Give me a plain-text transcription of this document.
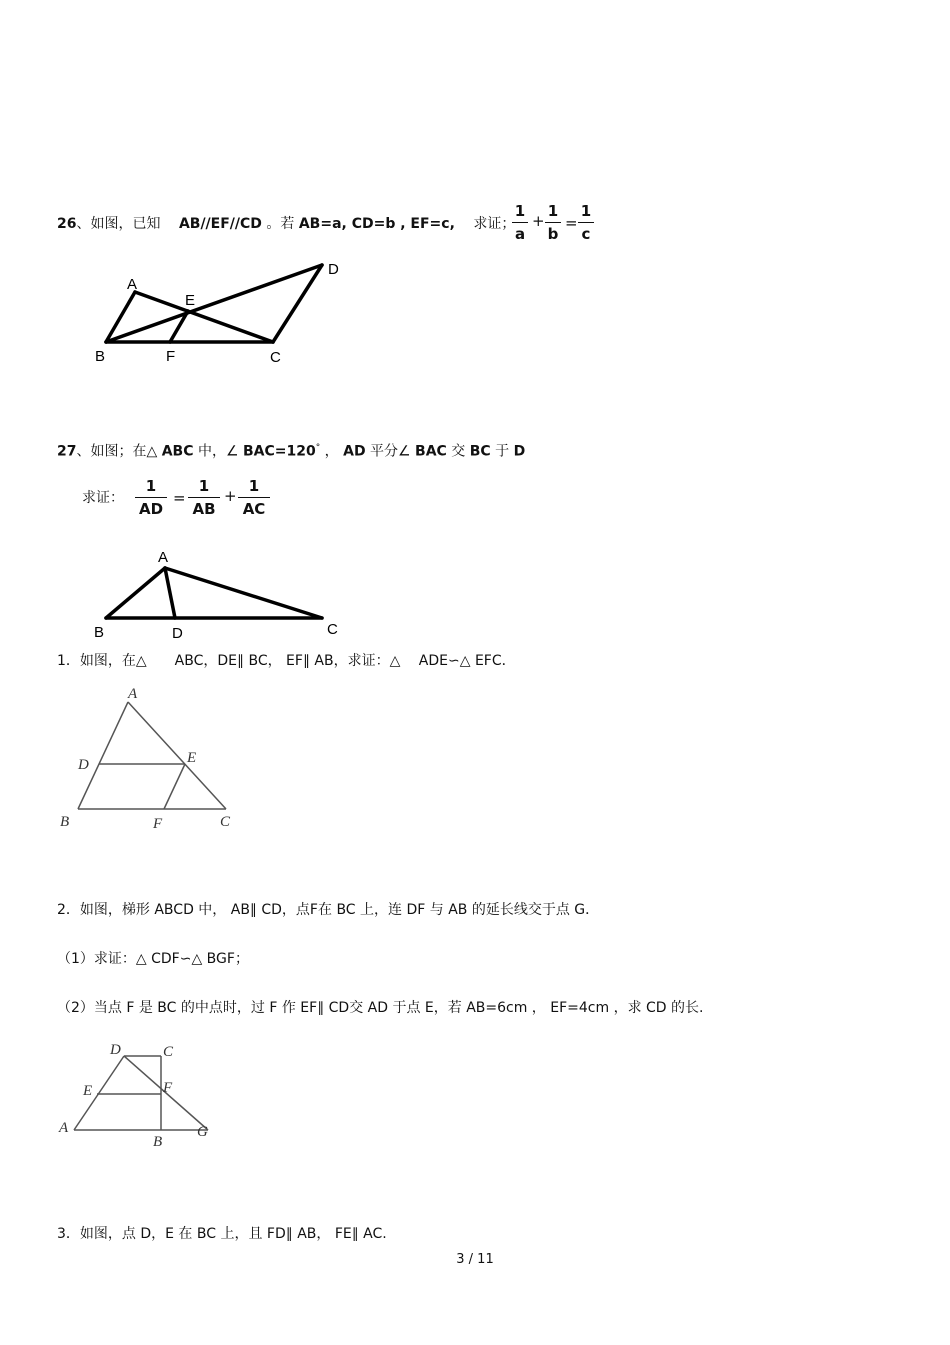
26、如图，已知 AB//EF//CD 。若 AB=a, CD=b , EF=c, 求证；
1
a
+
1
b
=
1
c
A
B	C
D
E
F
27、如图；在△ ABC 中，∠ BAC=120° ， AD 平分∠ BAC 交 BC 于 D
求证：
1
AD
=
1
AB
+
1
AC
A
B	C
D
1．如图，在△　　ABC，DE∥ BC， EF∥ AB，求证：△　 ADE∽△ EFC．
A
D	E
B	F	C
2．如图，梯形 ABCD 中， AB∥ CD，点F在 BC 上，连 DF 与 AB 的延长线交于点 G．
（1）求证：△ CDF∽△ BGF；
（2）当点 F 是 BC 的中点时，过 F 作 EF∥ CD交 AD 于点 E，若 AB=6cm ， EF=4cm ，求 CD 的长.
D	C
E	F
A
B
G
3．如图，点 D，E 在 BC 上，且 FD∥ AB， FE∥ AC.
3 / 11
